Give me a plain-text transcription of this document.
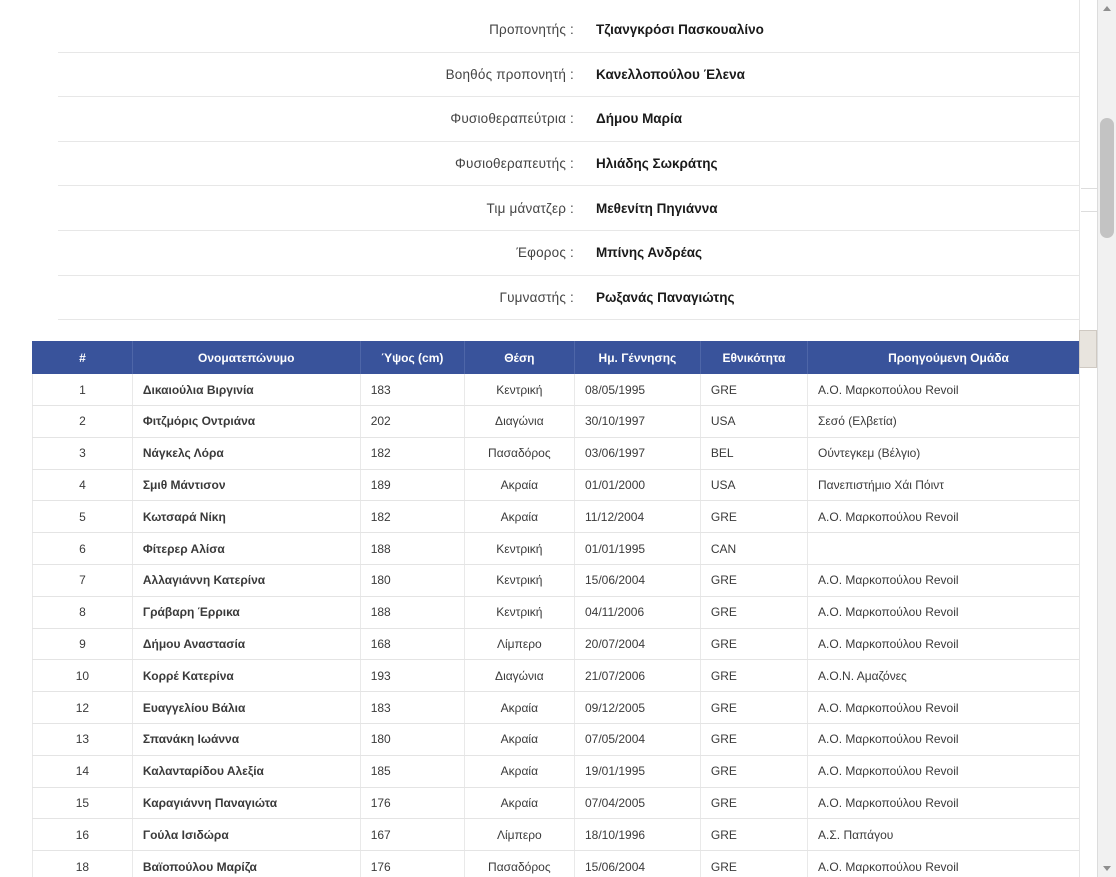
Προπονητής :	Τζιανγκρόσι Πασκουαλίνο
Βοηθός προπονητή :	Κανελλοπούλου Έλενα
Φυσιοθεραπεύτρια :	Δήμου Μαρία
Φυσιοθεραπευτής :	Ηλιάδης Σωκράτης
Τιμ μάνατζερ :	Μεθενίτη Πηγιάννα
Έφορος :	Μπίνης Ανδρέας
Γυμναστής :	Ρωξανάς Παναγιώτης
#	Ονοματεπώνυμο	Ύψος (cm)	Θέση	Ημ. Γέννησης	Εθνικότητα	Προηγούμενη Ομάδα
1	Δικαιούλια Βιργινία	183	Κεντρική	08/05/1995	GRE	Α.Ο. Μαρκοπούλου Revoil
2	Φιτζμόρις Οντριάνα	202	Διαγώνια	30/10/1997	USA	Σεσό (Ελβετία)
3	Νάγκελς Λόρα	182	Πασαδόρος	03/06/1997	BEL	Ούντεγκεμ (Βέλγιο)
4	Σμιθ Μάντισον	189	Ακραία	01/01/2000	USA	Πανεπιστήμιο Χάι Πόιντ
5	Κωτσαρά Νίκη	182	Ακραία	11/12/2004	GRE	Α.Ο. Μαρκοπούλου Revoil
6	Φίτερερ Αλίσα	188	Κεντρική	01/01/1995	CAN	
7	Αλλαγιάννη Κατερίνα	180	Κεντρική	15/06/2004	GRE	Α.Ο. Μαρκοπούλου Revoil
8	Γράβαρη Έρρικα	188	Κεντρική	04/11/2006	GRE	Α.Ο. Μαρκοπούλου Revoil
9	Δήμου Αναστασία	168	Λίμπερο	20/07/2004	GRE	Α.Ο. Μαρκοπούλου Revoil
10	Κορρέ Κατερίνα	193	Διαγώνια	21/07/2006	GRE	Α.Ο.Ν. Αμαζόνες
12	Ευαγγελίου Βάλια	183	Ακραία	09/12/2005	GRE	Α.Ο. Μαρκοπούλου Revoil
13	Σπανάκη Ιωάννα	180	Ακραία	07/05/2004	GRE	Α.Ο. Μαρκοπούλου Revoil
14	Καλανταρίδου Αλεξία	185	Ακραία	19/01/1995	GRE	Α.Ο. Μαρκοπούλου Revoil
15	Καραγιάννη Παναγιώτα	176	Ακραία	07/04/2005	GRE	Α.Ο. Μαρκοπούλου Revoil
16	Γούλα Ισιδώρα	167	Λίμπερο	18/10/1996	GRE	Α.Σ. Παπάγου
18	Βαϊοπούλου Μαρίζα	176	Πασαδόρος	15/06/2004	GRE	Α.Ο. Μαρκοπούλου Revoil
